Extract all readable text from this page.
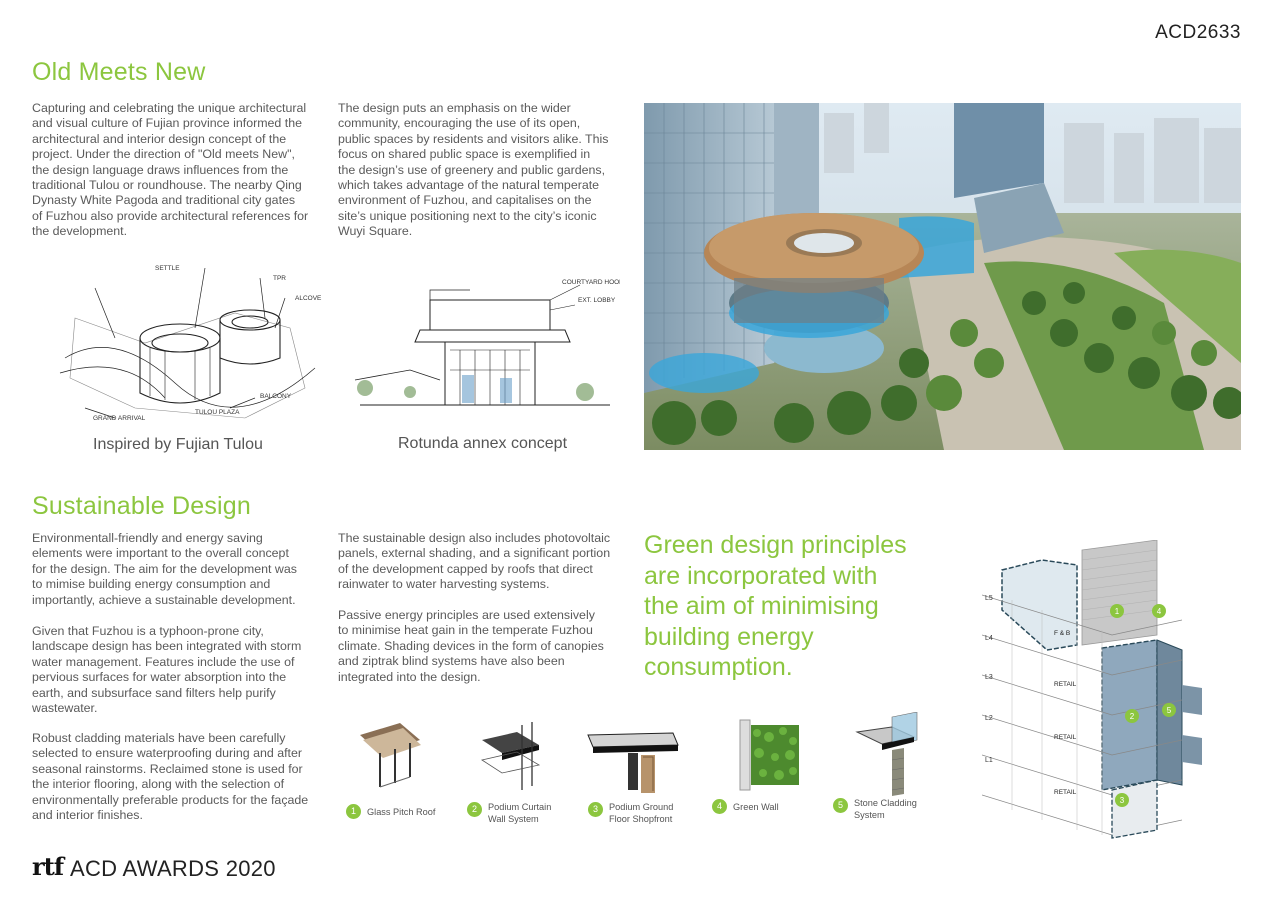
ACD2633
Old Meets New

Capturing and celebrating the unique architectural
and visual culture of Fujian province informed the
architectural and interior design concept of the
project. Under the direction of "Old meets New",
the design language draws influences from the
traditional Tulou or roundhouse. The nearby Qing
Dynasty White Pagoda and traditional city gates
of Fuzhou also provide architectural references for
the development.

The design puts an emphasis on the wider
community, encouraging the use of its open,
public spaces by residents and visitors alike. This
focus on shared public space is exemplified in
the design’s use of greenery and public gardens,
which takes advantage of the natural temperate
environment of Fuzhou, and capitalises on the
site’s unique positioning next to the city’s iconic
Wuyi Square.

SETTLE
TPR
ALCOVE
GRAND ARRIVAL
TULOU PLAZA
BALCONY
Inspired by Fujian Tulou
COURTYARD HOOD
EXT. LOBBY
Rotunda annex concept
Sustainable Design

Environmentall-friendly and energy saving
elements were important to the overall concept
for the design. The aim for the development was
to mimise building energy consumption and
importantly, achieve a sustainable development.

Given that Fuzhou is a typhoon-prone city,
landscape design has been integrated with storm
water management. Features include the use of
pervious surfaces for water absorption into the
earth, and subsurface sand filters help purify
wastewater.

Robust cladding materials have been carefully
selected to ensure waterproofing during and after
seasonal rainstorms. Reclaimed stone is used for
the interior flooring, along with the selection of
environmentally preferable products for the façade
and interior finishes.

The sustainable design also includes photovoltaic
panels, external shading, and a significant portion
of the development capped by roofs that direct
rainwater to water harvesting systems.

Passive energy principles are used extensively
to minimise heat gain in the temperate Fuzhou
climate. Shading devices in the form of canopies
and ziptrak blind systems have also been
integrated into the design.

Green design principles
are incorporated with
the aim of minimising
building energy
consumption.
1	Glass Pitch Roof	2	Podium Curtain
Wall System
3	Podium Ground
Floor Shopfront
4	Green Wall	5	Stone Cladding
System
L5
L4
L3
L2
L1
F & B
RETAIL
RETAIL
RETAIL
1	4
2
5
3
rtf ACD AWARDS 2020
